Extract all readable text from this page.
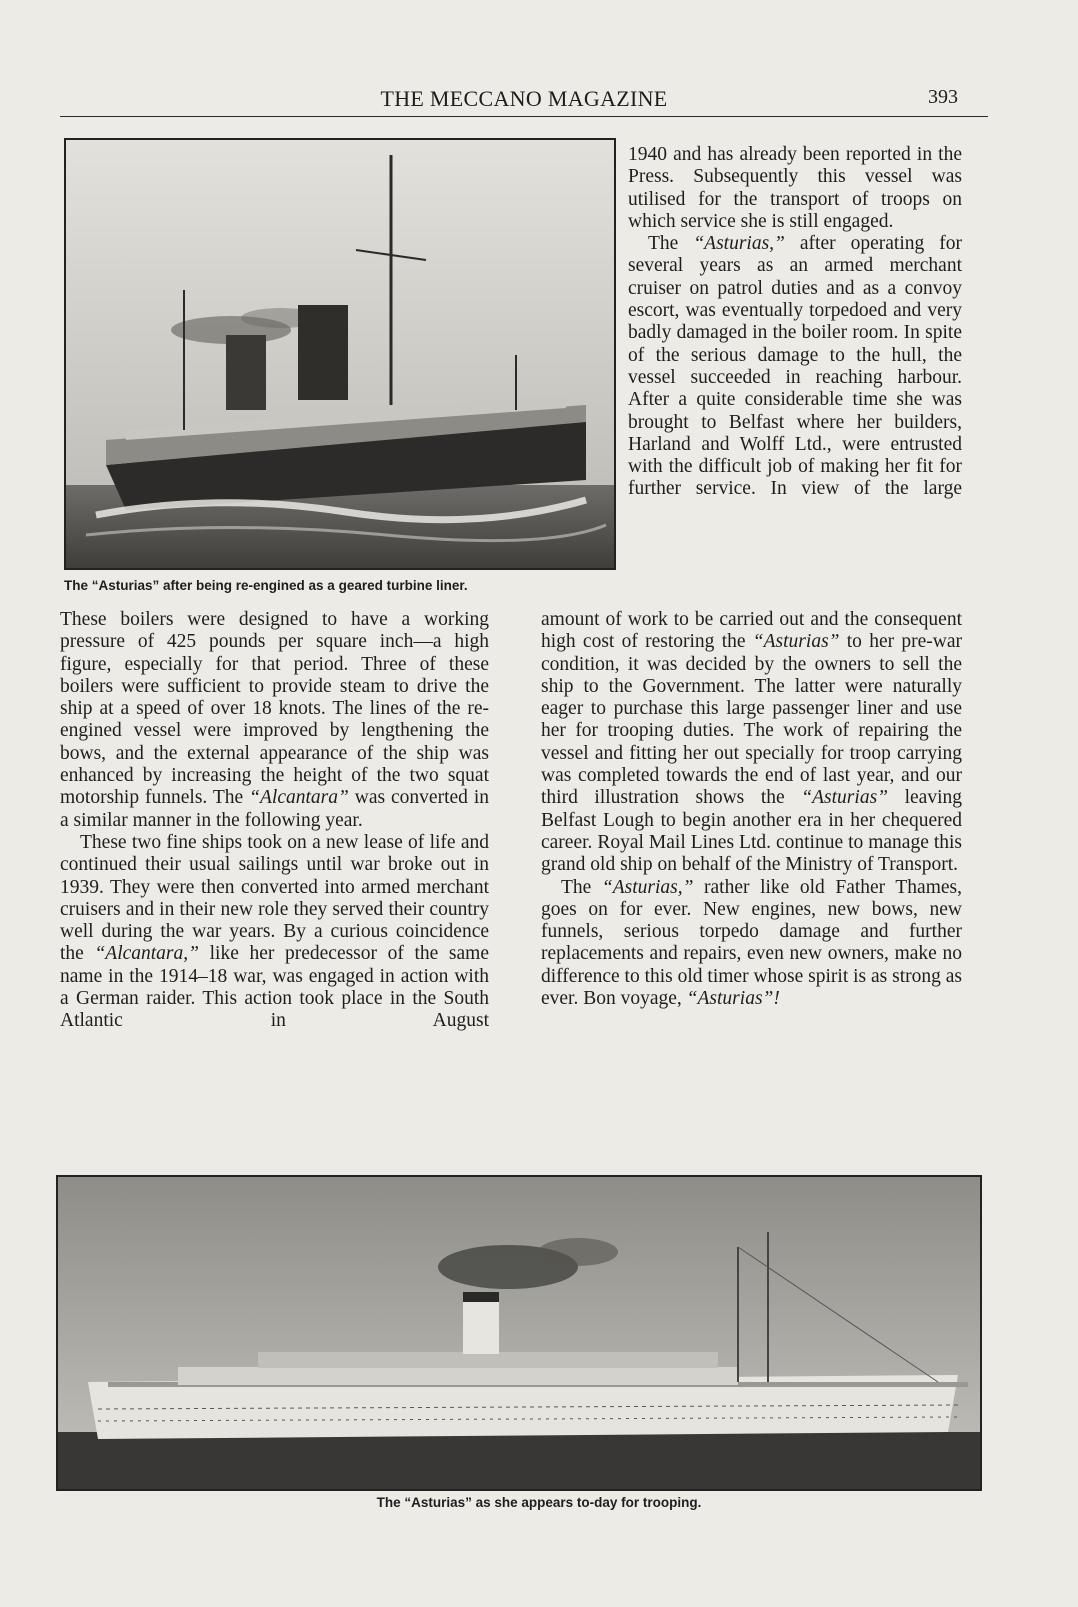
THE MECCANO MAGAZINE	393
The “Asturias” after being re-engined as a geared turbine liner.

1940 and has already been reported in the Press. Subsequently this vessel was utilised for the transport of troops on which service she is still engaged.

The “Asturias,” after operating for several years as an armed merchant cruiser on patrol duties and as a convoy escort, was eventually torpedoed and very badly damaged in the boiler room. In spite of the serious damage to the hull, the vessel succeeded in reaching harbour. After a quite considerable time she was brought to Belfast where her builders, Harland and Wolff Ltd., were entrusted with the difficult job of making her fit for further service. In view of the large

These boilers were designed to have a working pressure of 425 pounds per square inch—a high figure, especially for that period. Three of these boilers were sufficient to provide steam to drive the ship at a speed of over 18 knots. The lines of the re-engined vessel were improved by lengthening the bows, and the external appearance of the ship was enhanced by increasing the height of the two squat motorship funnels. The “Alcantara” was converted in a similar manner in the following year.

These two fine ships took on a new lease of life and continued their usual sailings until war broke out in 1939. They were then converted into armed merchant cruisers and in their new role they served their country well during the war years. By a curious coincidence the “Alcantara,” like her predecessor of the same name in the 1914–18 war, was engaged in action with a German raider. This action took place in the South Atlantic in August

amount of work to be carried out and the consequent high cost of restoring the “Asturias” to her pre-war condition, it was decided by the owners to sell the ship to the Government. The latter were naturally eager to purchase this large passenger liner and use her for trooping duties. The work of repairing the vessel and fitting her out specially for troop carrying was completed towards the end of last year, and our third illustration shows the “Asturias” leaving Belfast Lough to begin another era in her chequered career. Royal Mail Lines Ltd. continue to manage this grand old ship on behalf of the Ministry of Transport.

The “Asturias,” rather like old Father Thames, goes on for ever. New engines, new bows, new funnels, serious torpedo damage and further replacements and repairs, even new owners, make no difference to this old timer whose spirit is as strong as ever. Bon voyage, “Asturias”!

The “Asturias” as she appears to-day for trooping.
